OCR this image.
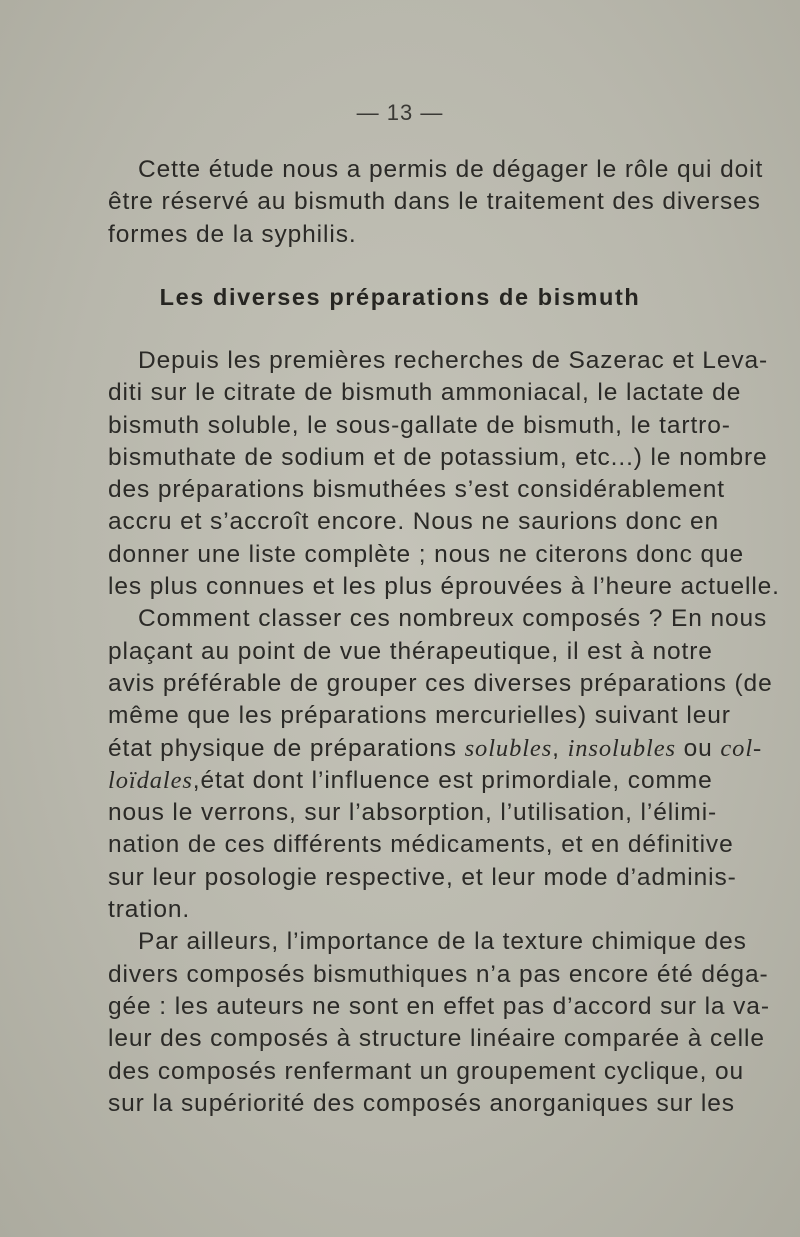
— 13 —
Cette étude nous a permis de dégager le rôle qui doit
être réservé au bismuth dans le traitement des diverses
formes de la syphilis.
Les diverses préparations de bismuth
Depuis les premières recherches de Sazerac et Leva-
diti sur le citrate de bismuth ammoniacal, le lactate de
bismuth soluble, le sous-gallate de bismuth, le tartro-
bismuthate de sodium et de potassium, etc...) le nombre
des préparations bismuthées s’est considérablement
accru et s’accroît encore. Nous ne saurions donc en
donner une liste complète ; nous ne citerons donc que
les plus connues et les plus éprouvées à l’heure actuelle.
Comment classer ces nombreux composés ? En nous
plaçant au point de vue thérapeutique, il est à notre
avis préférable de grouper ces diverses préparations (de
même que les préparations mercurielles) suivant leur
état physique de préparations solubles, insolubles ou col-
loïdales,état dont l’influence est primordiale, comme
nous le verrons, sur l’absorption, l’utilisation, l’élimi-
nation de ces différents médicaments, et en définitive
sur leur posologie respective, et leur mode d’adminis-
tration.
Par ailleurs, l’importance de la texture chimique des
divers composés bismuthiques n’a pas encore été déga-
gée : les auteurs ne sont en effet pas d’accord sur la va-
leur des composés à structure linéaire comparée à celle
des composés renfermant un groupement cyclique, ou
sur la supériorité des composés anorganiques sur les
